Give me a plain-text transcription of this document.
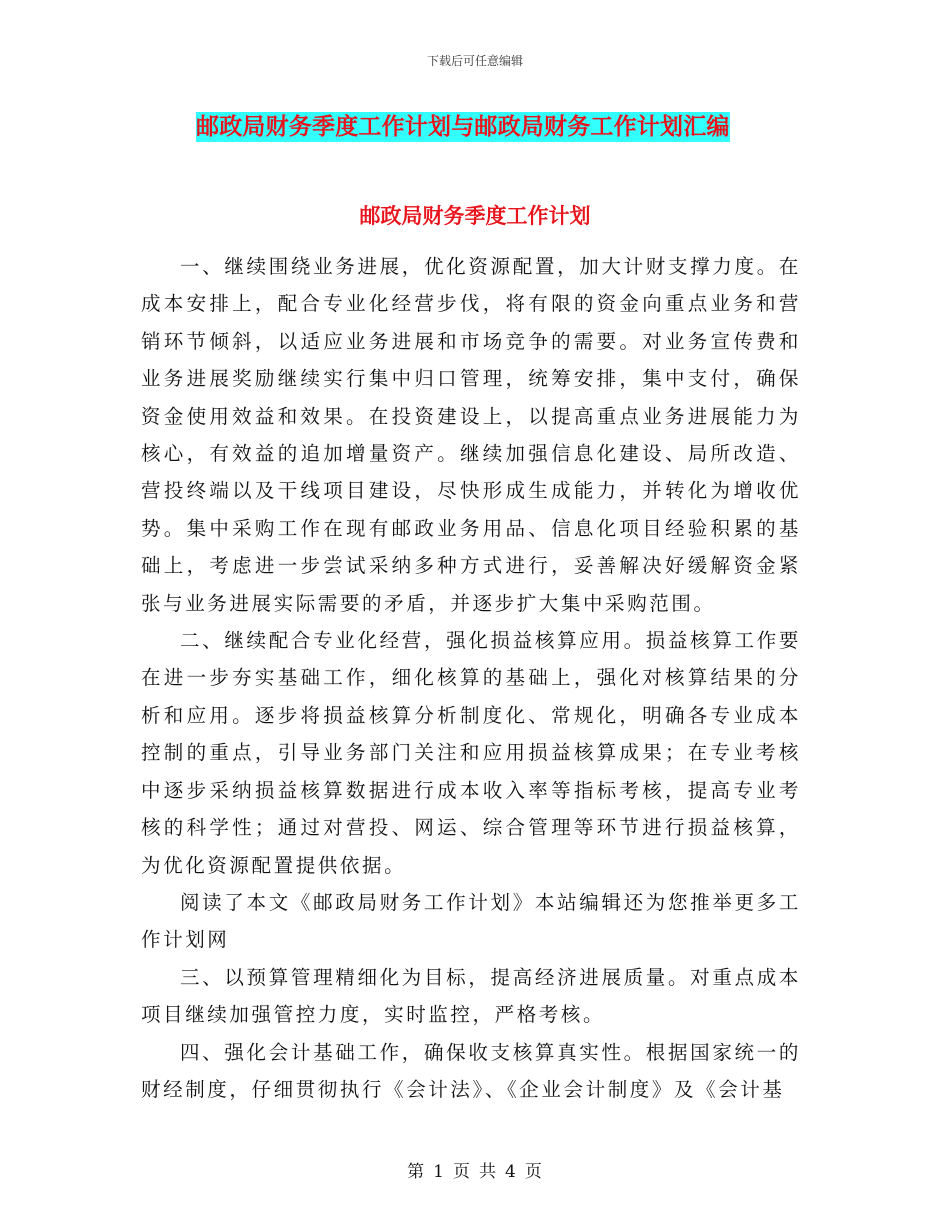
下载后可任意编辑
邮政局财务季度工作计划与邮政局财务工作计划汇编
邮政局财务季度工作计划

一、继续围绕业务进展，优化资源配置，加大计财支撑力度。在成本安排上，配合专业化经营步伐，将有限的资金向重点业务和营销环节倾斜，以适应业务进展和市场竞争的需要。对业务宣传费和业务进展奖励继续实行集中归口管理，统筹安排，集中支付，确保资金使用效益和效果。在投资建设上，以提高重点业务进展能力为核心，有效益的追加增量资产。继续加强信息化建设、局所改造、营投终端以及干线项目建设，尽快形成生成能力，并转化为增收优势。集中采购工作在现有邮政业务用品、信息化项目经验积累的基础上，考虑进一步尝试采纳多种方式进行，妥善解决好缓解资金紧张与业务进展实际需要的矛盾，并逐步扩大集中采购范围。

二、继续配合专业化经营，强化损益核算应用。损益核算工作要在进一步夯实基础工作，细化核算的基础上，强化对核算结果的分析和应用。逐步将损益核算分析制度化、常规化，明确各专业成本控制的重点，引导业务部门关注和应用损益核算成果；在专业考核中逐步采纳损益核算数据进行成本收入率等指标考核，提高专业考核的科学性；通过对营投、网运、综合管理等环节进行损益核算，为优化资源配置提供依据。

阅读了本文《邮政局财务工作计划》本站编辑还为您推举更多工作计划网

三、以预算管理精细化为目标，提高经济进展质量。对重点成本项目继续加强管控力度，实时监控，严格考核。

四、强化会计基础工作，确保收支核算真实性。根据国家统一的财经制度，仔细贯彻执行《会计法》、《企业会计制度》及《会计基

第 1 页 共 4 页
